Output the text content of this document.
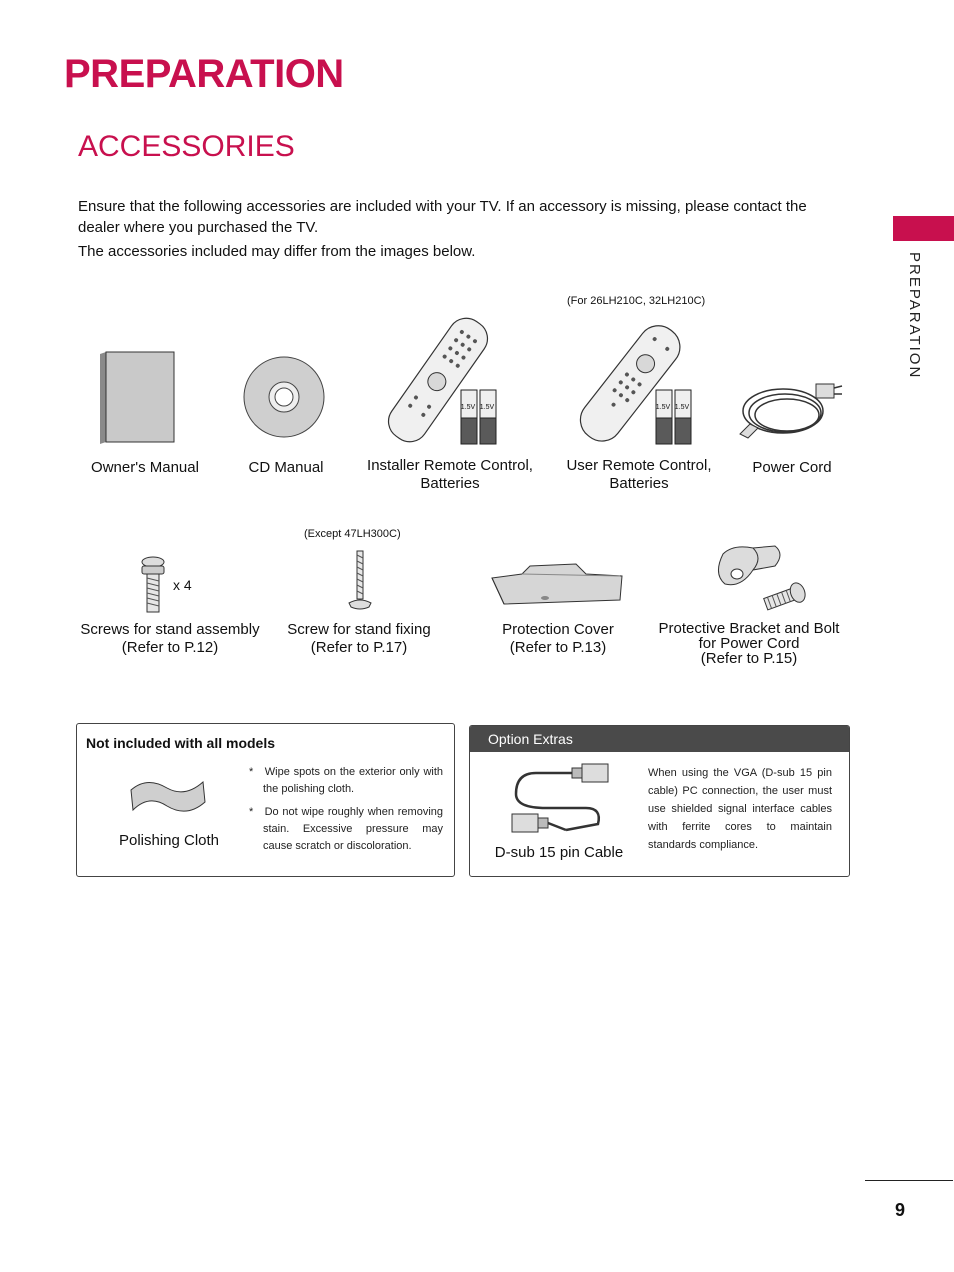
PREPARATION
ACCESSORIES

Ensure that the following accessories are included with your TV. If an accessory is missing, please contact the dealer where you purchased the TV.

The accessories included may differ from the images below.

PREPARATION
(For 26LH210C, 32LH210C)
Owner's Manual	CD Manual
1.5V 1.5V
Installer Remote Control,
Batteries
1.5V 1.5V
User Remote Control,
Batteries
Power Cord
(Except 47LH300C)
x 4
Screws for stand assembly
(Refer to P.12)
Screw for stand fixing
(Refer to P.17)
Protection Cover
(Refer to P.13)
Protective Bracket and Bolt
for Power Cord
(Refer to P.15)
Not included with all models
Polishing Cloth
*   Wipe spots on the exterior only with the polishing cloth.
*   Do not wipe roughly when removing stain. Excessive pressure may cause scratch or discoloration.
Option Extras
D-sub 15 pin Cable
When using the VGA (D-sub 15 pin cable) PC connection, the user must use shielded signal interface cables with ferrite cores to maintain standards compliance.
9
